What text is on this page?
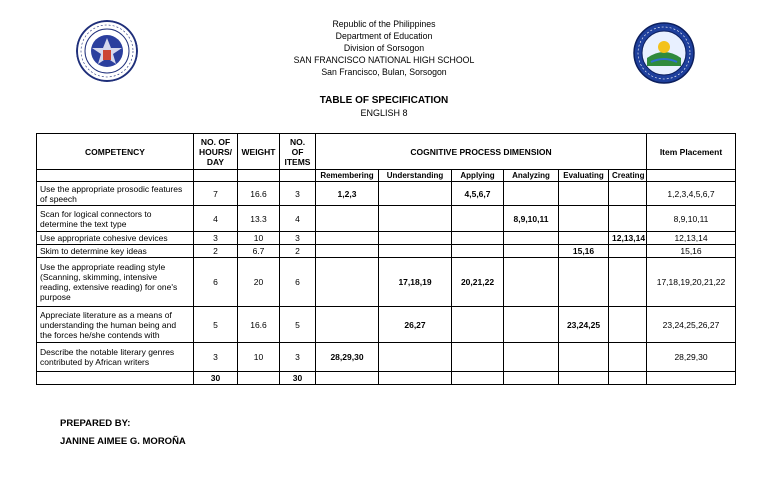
Republic of the Philippines
Department of Education
Division of Sorsogon
SAN FRANCISCO NATIONAL HIGH SCHOOL
San Francisco, Bulan, Sorsogon
TABLE OF SPECIFICATION
ENGLISH 8
COMPETENCY	NO. OF HOURS/ DAY	WEIGHT	NO. OF ITEMS	COGNITIVE PROCESS DIMENSION						Item Placement
				Remembering	Understanding	Applying	Analyzing	Evaluating	Creating	
Use the appropriate prosodic features of speech	7	16.6	3	1,2,3		4,5,6,7				1,2,3,4,5,6,7
Scan for logical connectors to determine the text type	4	13.3	4				8,9,10,11			8,9,10,11
Use appropriate cohesive devices	3	10	3						12,13,14	12,13,14
Skim to determine key ideas	2	6.7	2					15,16		15,16
Use the appropriate reading style (Scanning, skimming, intensive reading, extensive reading) for one's purpose	6	20	6		17,18,19	20,21,22				17,18,19,20,21,22
Appreciate literature as a means of understanding the human being and the forces he/she contends with	5	16.6	5		26,27			23,24,25		23,24,25,26,27
Describe the notable literary genres contributed by African writers	3	10	3	28,29,30						28,29,30
	30		30							
PREPARED BY:
JANINE AIMEE G. MOROÑA
